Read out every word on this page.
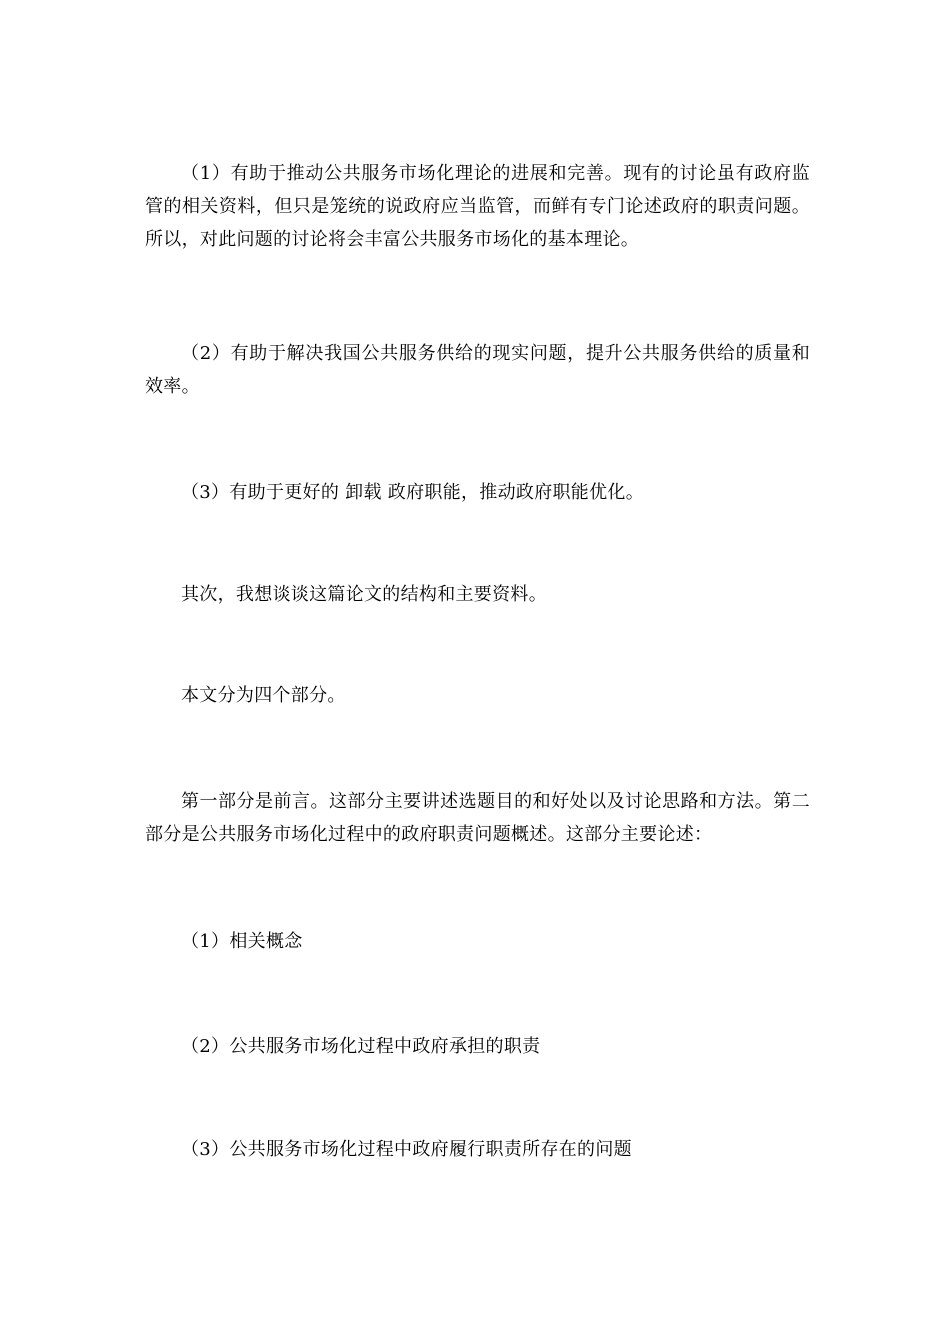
（1）有助于推动公共服务市场化理论的进展和完善。现有的讨论虽有政府监管的相关资料，但只是笼统的说政府应当监管，而鲜有专门论述政府的职责问题。所以，对此问题的讨论将会丰富公共服务市场化的基本理论。

（2）有助于解决我国公共服务供给的现实问题，提升公共服务供给的质量和效率。

（3）有助于更好的 卸载 政府职能，推动政府职能优化。

其次，我想谈谈这篇论文的结构和主要资料。

本文分为四个部分。

第一部分是前言。这部分主要讲述选题目的和好处以及讨论思路和方法。第二部分是公共服务市场化过程中的政府职责问题概述。这部分主要论述：

（1）相关概念

（2）公共服务市场化过程中政府承担的职责

（3）公共服务市场化过程中政府履行职责所存在的问题
